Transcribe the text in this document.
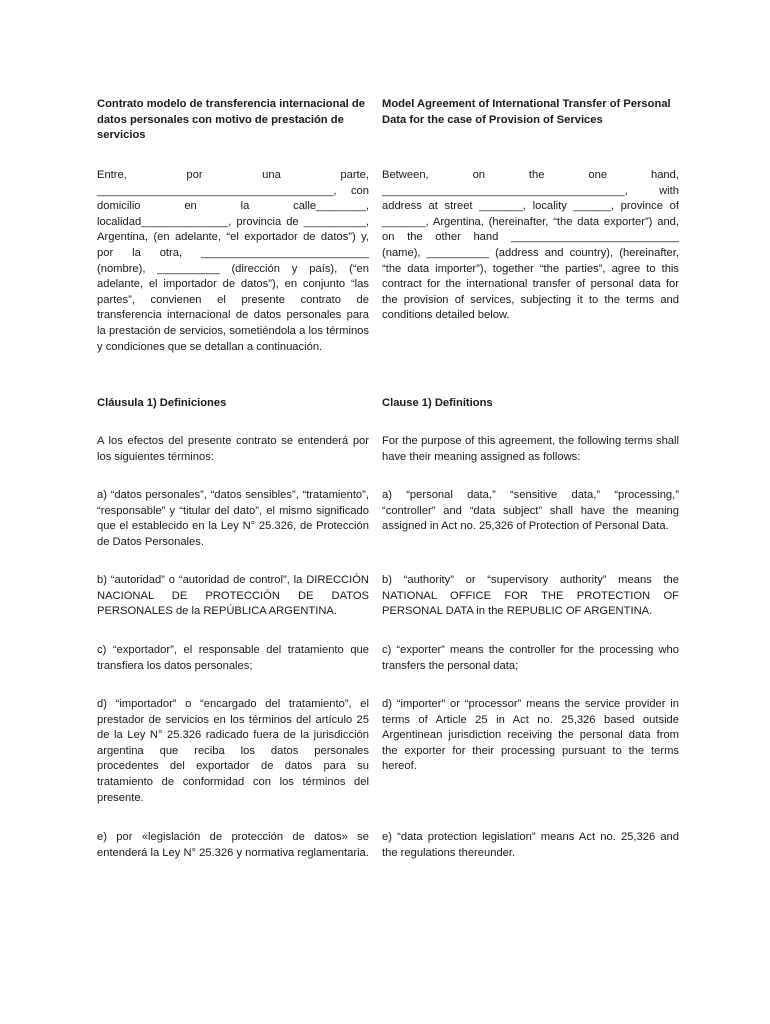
Contrato modelo de transferencia internacional de datos personales con motivo de prestación de servicios
Entre, por una parte, ______________________________________, con domicilio en la calle________, localidad______________, provincia de __________, Argentina, (en adelante, “el exportador de datos”) y, por la otra, ___________________________ (nombre), __________ (dirección y país), (“en adelante, el importador de datos”), en conjunto “las partes”, convienen el presente contrato de transferencia internacional de datos personales para la prestación de servicios, sometiéndola a los términos y condiciones que se detallan a continuación.
Cláusula 1) Definiciones
A los efectos del presente contrato se entenderá por los siguientes términos:
a) “datos personales”, “datos sensibles”, “tratamiento”, “responsable” y “titular del dato”, el mismo significado que el establecido en la Ley N° 25.326, de Protección de Datos Personales.
b) “autoridad” o “autoridad de control”, la DIRECCIÓN NACIONAL DE PROTECCIÓN DE DATOS PERSONALES de la REPÚBLICA ARGENTINA.
c) “exportador”, el responsable del tratamiento que transfiera los datos personales;
d) “importador” o “encargado del tratamiento”, el prestador de servicios en los términos del artículo 25 de la Ley N° 25.326 radicado fuera de la jurisdicción argentina que reciba los datos personales procedentes del exportador de datos para su tratamiento de conformidad con los términos del presente.
e) por «legislación de protección de datos» se entenderá la Ley N° 25.326 y normativa reglamentaria.
Model Agreement of International Transfer of Personal Data for the case of Provision of Services
Between, on the one hand, _______________________________________, with address at street _______, locality ______, province of _______, Argentina, (hereinafter, “the data exporter”) and, on the other hand ___________________________ (name), __________ (address and country), (hereinafter, “the data importer”), together “the parties”, agree to this contract for the international transfer of personal data for the provision of services, subjecting it to the terms and conditions detailed below.
Clause 1) Definitions
For the purpose of this agreement, the following terms shall have their meaning assigned as follows:
a) “personal data,” “sensitive data,” “processing,” “controller” and “data subject” shall have the meaning assigned in Act no. 25,326 of Protection of Personal Data.
b) “authority” or “supervisory authority” means the NATIONAL OFFICE FOR THE PROTECTION OF PERSONAL DATA in the REPUBLIC OF ARGENTINA.
c) “exporter” means the controller for the processing who transfers the personal data;
d) “importer” or “processor” means the service provider in terms of Article 25 in Act no. 25,326 based outside Argentinean jurisdiction receiving the personal data from the exporter for their processing pursuant to the terms hereof.
e) “data protection legislation” means Act no. 25,326 and the regulations thereunder.
